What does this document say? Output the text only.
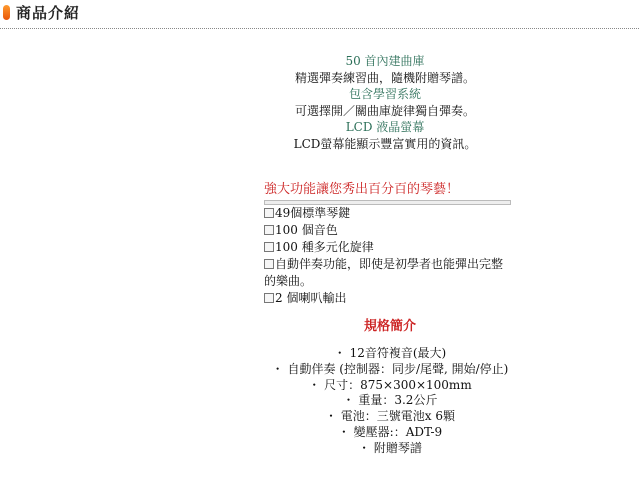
商品介紹
50 首內建曲庫
精選彈奏練習曲，隨機附贈琴譜。
包含學習系統
可選擇開／關曲庫旋律獨自彈奏。
LCD 液晶螢幕
LCD螢幕能顯示豐富實用的資訊。
強大功能讓您秀出百分百的琴藝！
49個標準琴鍵
100 個音色
100 種多元化旋律
自動伴奏功能，即使是初學者也能彈出完整的樂曲。
2 個喇叭輸出
規格簡介
・ 12音符複音(最大)
・ 自動伴奏 (控制器：同步/尾聲, 開始/停止)
・ 尺寸：875×300×100mm
・ 重量：3.2公斤
・ 電池：三號電池x 6顆
・ 變壓器:：ADT-9
・ 附贈琴譜
